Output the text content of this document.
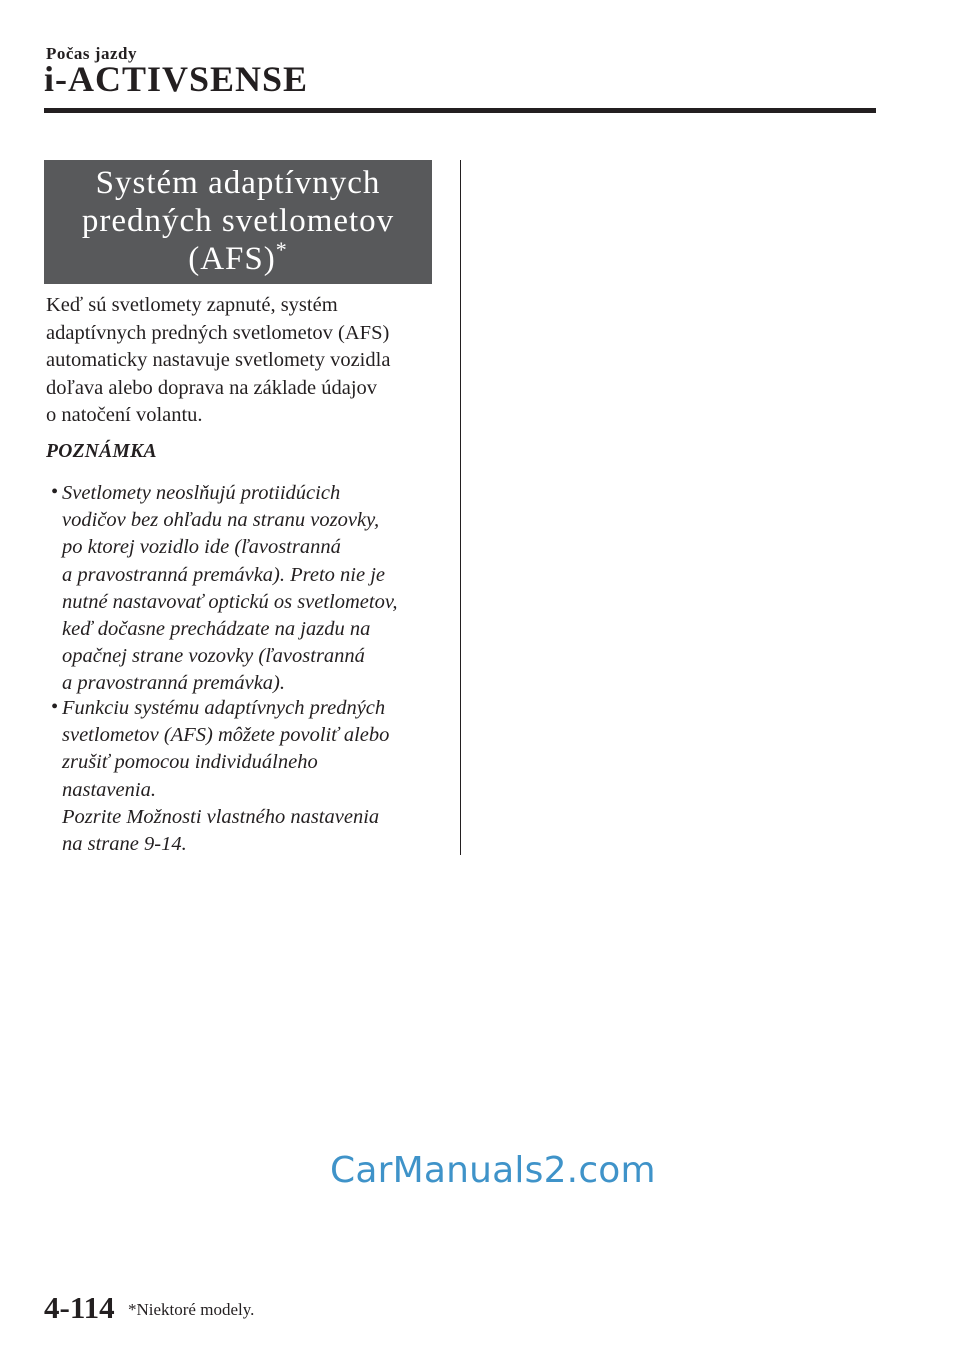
Počas jazdy
i-ACTIVSENSE
Systém adaptívnych
predných svetlometov
(AFS)*
Keď sú svetlomety zapnuté, systém
adaptívnych predných svetlometov (AFS)
automaticky nastavuje svetlomety vozidla
doľava alebo doprava na základe údajov
o natočení volantu.
POZNÁMKA
• Svetlomety neoslňujú protiidúcich
vodičov bez ohľadu na stranu vozovky,
po ktorej vozidlo ide (ľavostranná
a pravostranná premávka). Preto nie je
nutné nastavovať optickú os svetlometov,
keď dočasne prechádzate na jazdu na
opačnej strane vozovky (ľavostranná
a pravostranná premávka).
• Funkciu systému adaptívnych predných
svetlometov (AFS) môžete povoliť alebo
zrušiť pomocou individuálneho
nastavenia.
Pozrite Možnosti vlastného nastavenia
na strane 9-14.
CarManuals2.com
4-114 *Niektoré modely.
